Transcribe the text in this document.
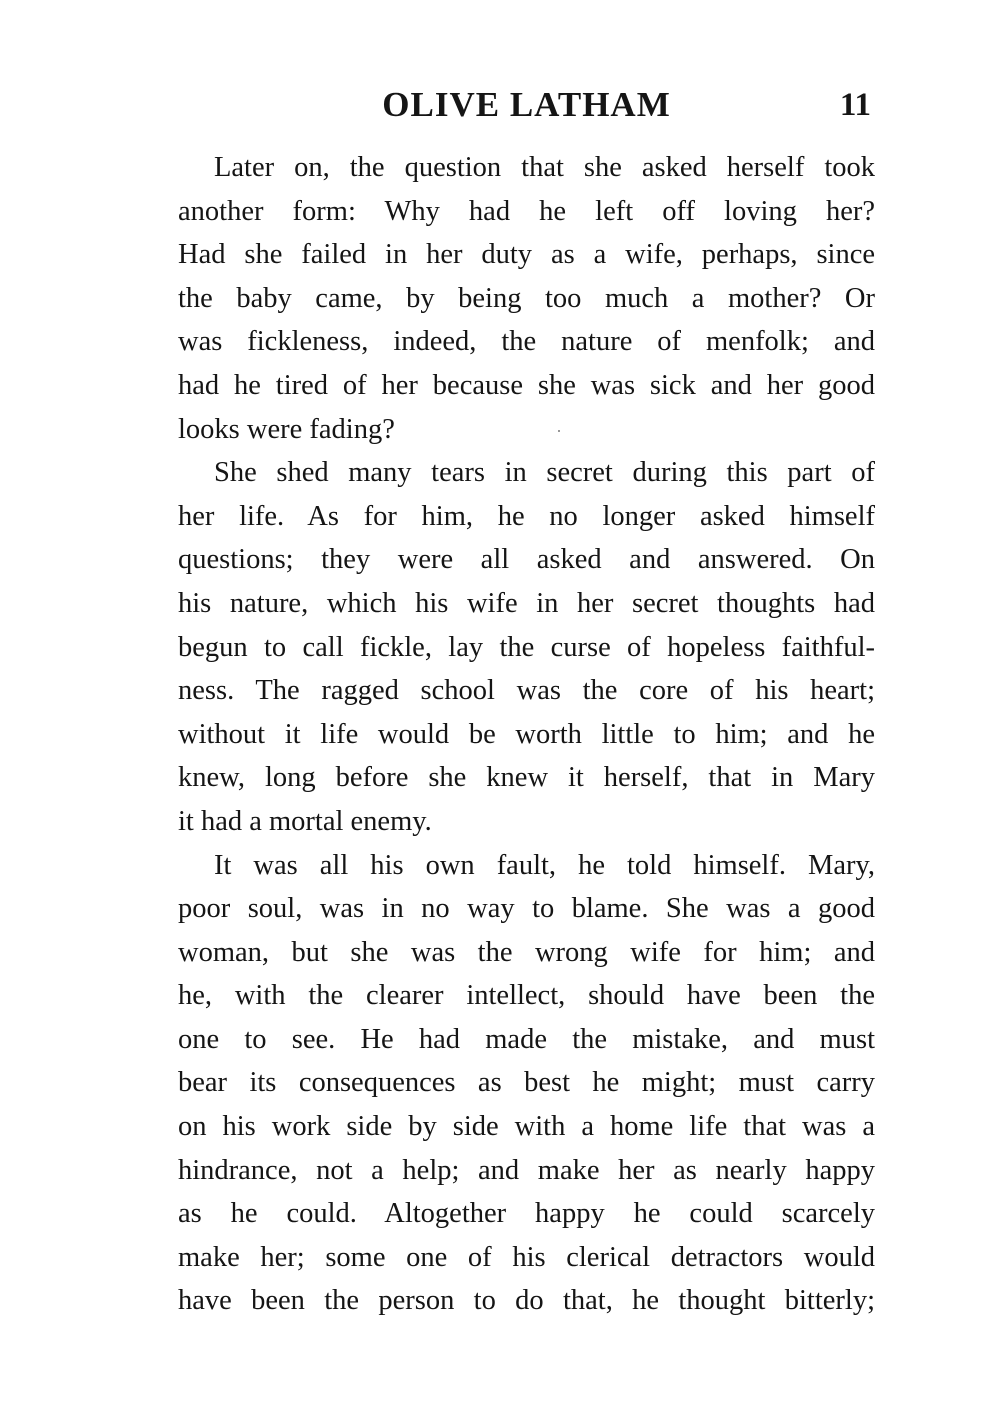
OLIVE LATHAM	11
Later on, the question that she asked herself took
another form: Why had he left off loving her?
Had she failed in her duty as a wife, perhaps, since
the baby came, by being too much a mother? Or
was fickleness, indeed, the nature of menfolk; and
had he tired of her because she was sick and her good
looks were fading?
She shed many tears in secret during this part of
her life. As for him, he no longer asked himself
questions; they were all asked and answered. On
his nature, which his wife in her secret thoughts had
begun to call fickle, lay the curse of hopeless faithful-
ness. The ragged school was the core of his heart;
without it life would be worth little to him; and he
knew, long before she knew it herself, that in Mary
it had a mortal enemy.
It was all his own fault, he told himself. Mary,
poor soul, was in no way to blame. She was a good
woman, but she was the wrong wife for him; and
he, with the clearer intellect, should have been the
one to see. He had made the mistake, and must
bear its consequences as best he might; must carry
on his work side by side with a home life that was a
hindrance, not a help; and make her as nearly happy
as he could. Altogether happy he could scarcely
make her; some one of his clerical detractors would
have been the person to do that, he thought bitterly;
